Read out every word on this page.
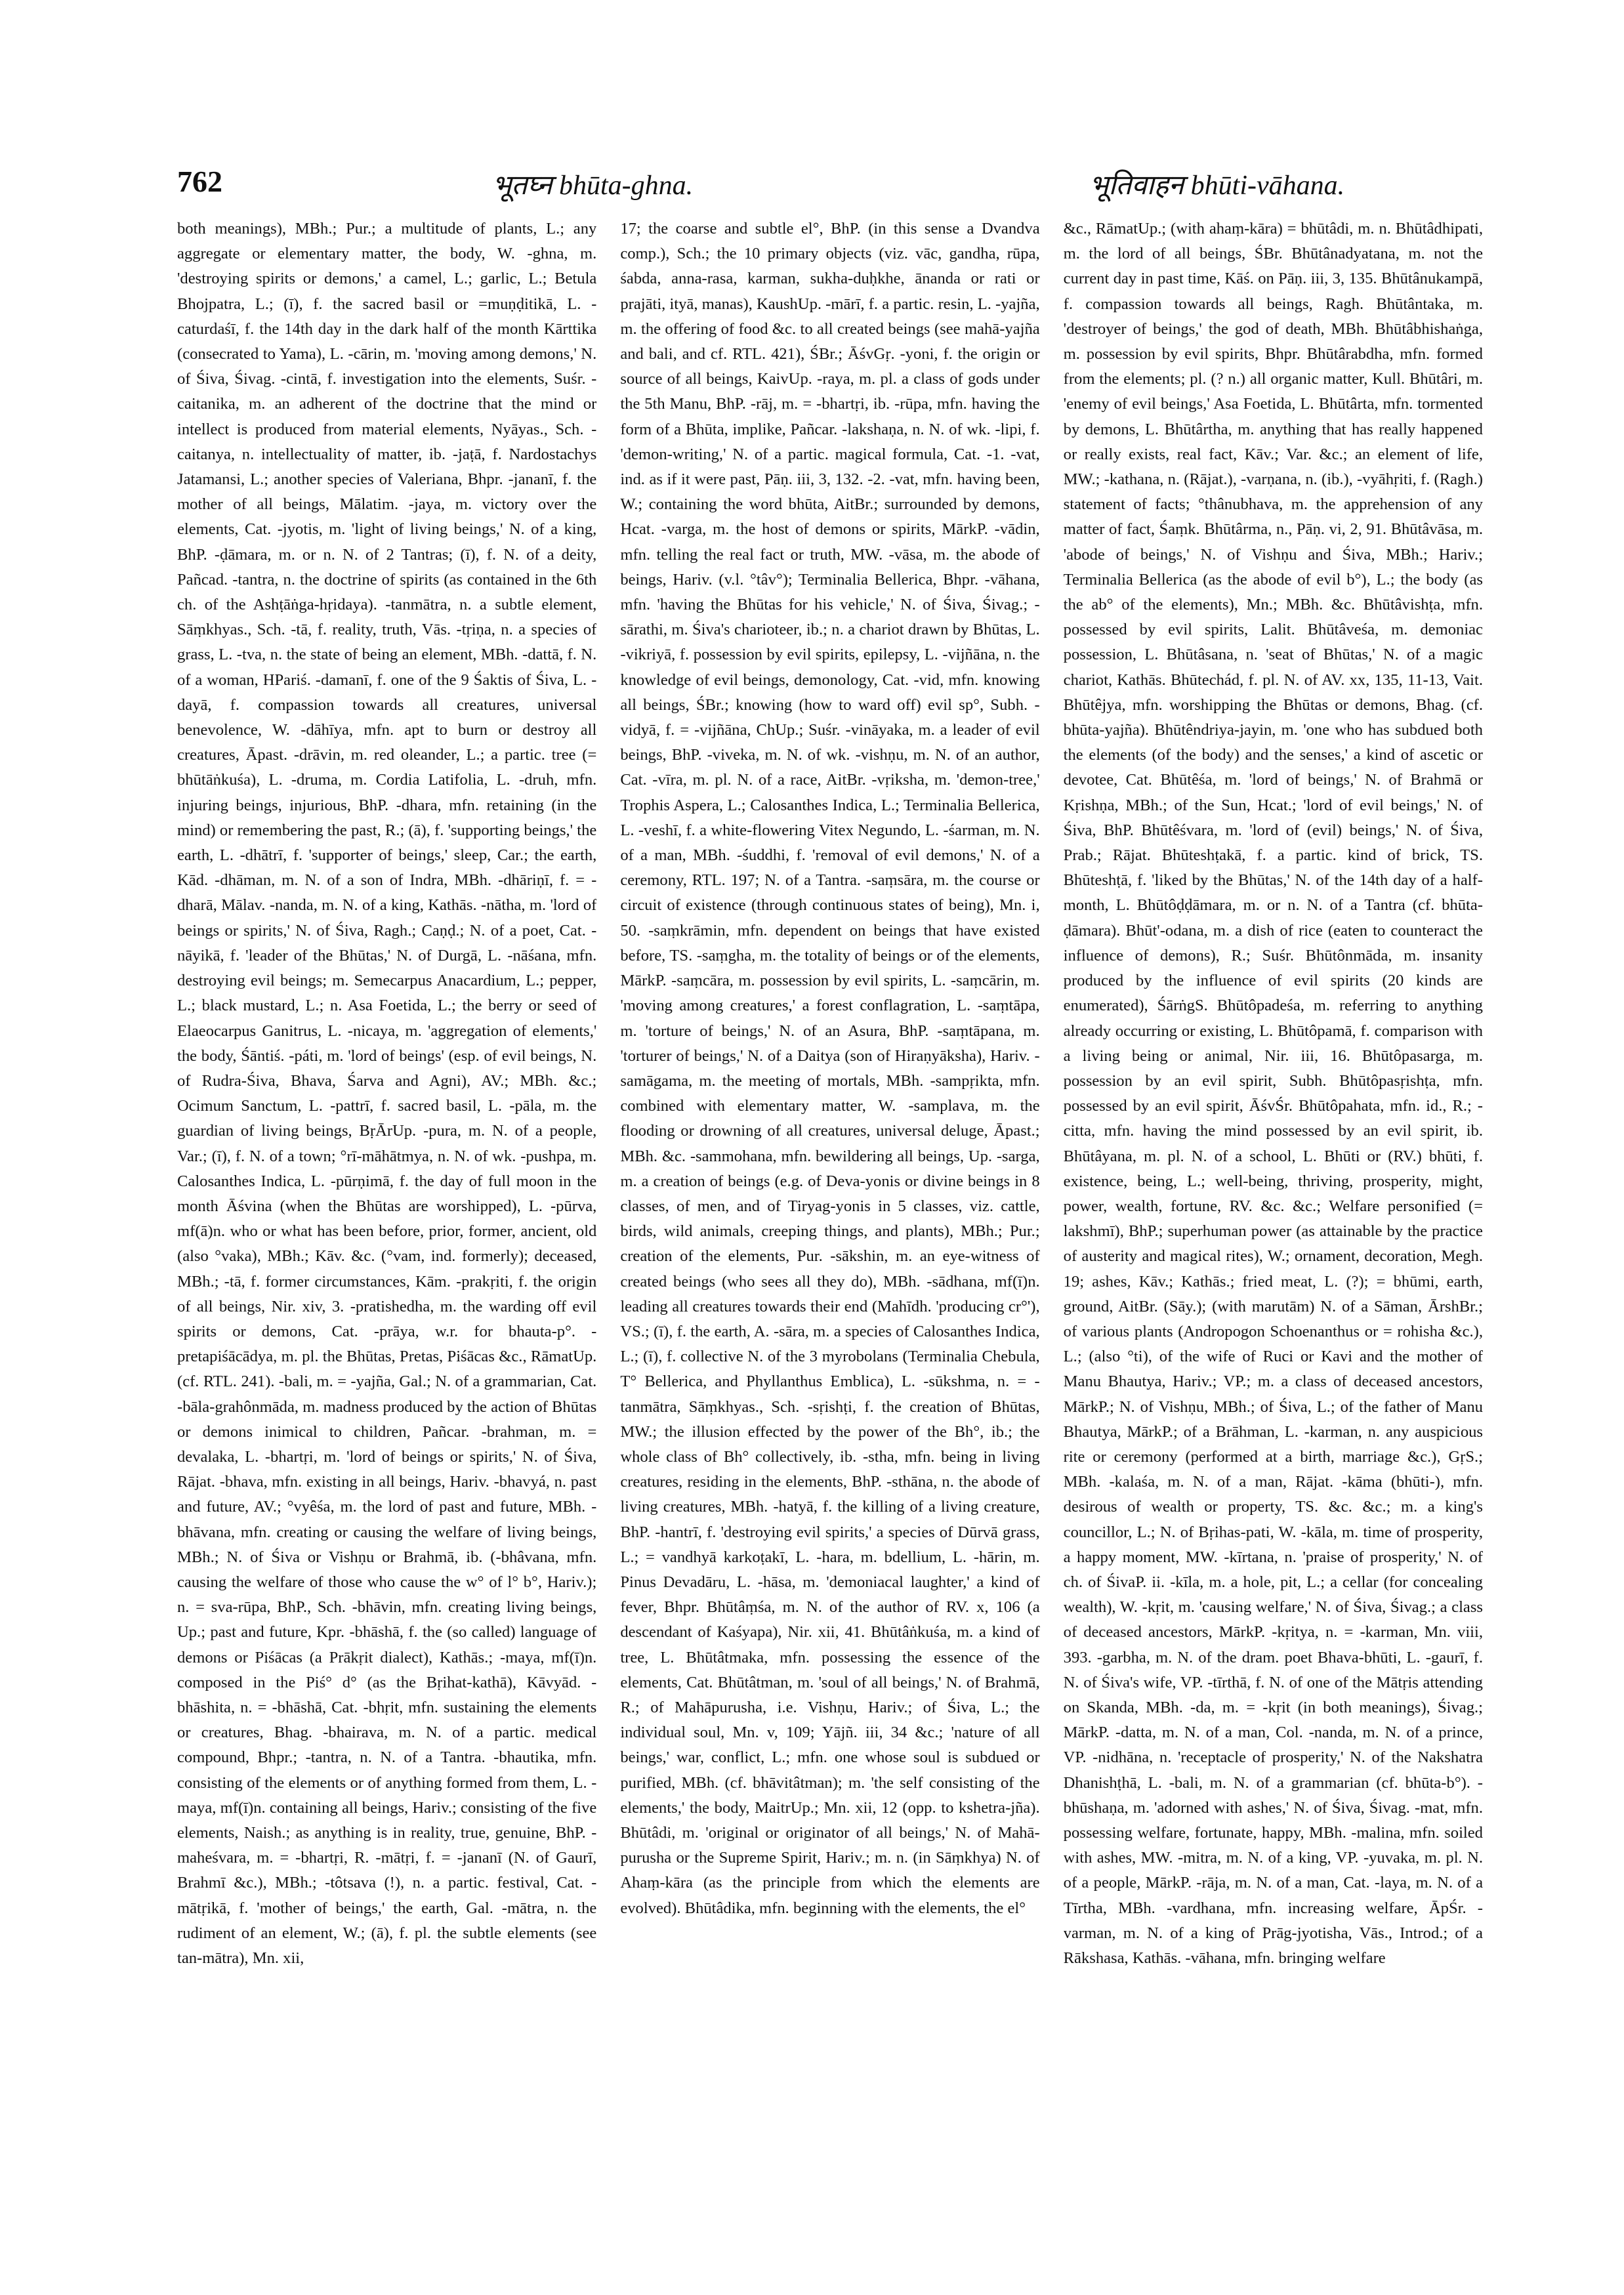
762	भूतघ्न bhūta-ghna.	भूतिवाहन bhūti-vāhana.

both meanings), MBh.; Pur.; a multitude of plants, L.; any aggregate or elementary matter, the body, W. -ghna, m. 'destroying spirits or demons,' a camel, L.; garlic, L.; Betula Bhojpatra, L.; (ī), f. the sacred basil or =muṇḍitikā, L. -caturdaśī, f. the 14th day in the dark half of the month Kārttika (consecrated to Yama), L. -cārin, m. 'moving among demons,' N. of Śiva, Śivag. -cintā, f. investigation into the elements, Suśr. -caitanika, m. an adherent of the doctrine that the mind or intellect is produced from material elements, Nyāyas., Sch. -caitanya, n. intellectuality of matter, ib. -jaṭā, f. Nardostachys Jatamansi, L.; another species of Valeriana, Bhpr. -jananī, f. the mother of all beings, Mālatim. -jaya, m. victory over the elements, Cat. -jyotis, m. 'light of living beings,' N. of a king, BhP. -ḍāmara, m. or n. N. of 2 Tantras; (ī), f. N. of a deity, Pañcad. -tantra, n. the doctrine of spirits (as contained in the 6th ch. of the Ashṭāṅga-hṛidaya). -tanmātra, n. a subtle element, Sāṃkhyas., Sch. -tā, f. reality, truth, Vās. -tṛiṇa, n. a species of grass, L. -tva, n. the state of being an element, MBh. -dattā, f. N. of a woman, HPariś. -damanī, f. one of the 9 Śaktis of Śiva, L. -dayā, f. compassion towards all creatures, universal benevolence, W. -dāhīya, mfn. apt to burn or destroy all creatures, Āpast. -drāvin, m. red oleander, L.; a partic. tree (= bhūtāṅkuśa), L. -druma, m. Cordia Latifolia, L. -druh, mfn. injuring beings, injurious, BhP. -dhara, mfn. retaining (in the mind) or remembering the past, R.; (ā), f. 'supporting beings,' the earth, L. -dhātrī, f. 'supporter of beings,' sleep, Car.; the earth, Kād. -dhāman, m. N. of a son of Indra, MBh. -dhāriṇī, f. = -dharā, Mālav. -nanda, m. N. of a king, Kathās. -nātha, m. 'lord of beings or spirits,' N. of Śiva, Ragh.; Caṇḍ.; N. of a poet, Cat. -nāyikā, f. 'leader of the Bhūtas,' N. of Durgā, L. -nāśana, mfn. destroying evil beings; m. Semecarpus Anacardium, L.; pepper, L.; black mustard, L.; n. Asa Foetida, L.; the berry or seed of Elaeocarpus Ganitrus, L. -nicaya, m. 'aggregation of elements,' the body, Śāntiś. -páti, m. 'lord of beings' (esp. of evil beings, N. of Rudra-Śiva, Bhava, Śarva and Agni), AV.; MBh. &c.; Ocimum Sanctum, L. -pattrī, f. sacred basil, L. -pāla, m. the guardian of living beings, BṛĀrUp. -pura, m. N. of a people, Var.; (ī), f. N. of a town; °rī-māhātmya, n. N. of wk. -pushpa, m. Calosanthes Indica, L. -pūrṇimā, f. the day of full moon in the month Āśvina (when the Bhūtas are worshipped), L. -pūrva, mf(ā)n. who or what has been before, prior, former, ancient, old (also °vaka), MBh.; Kāv. &c. (°vam, ind. formerly); deceased, MBh.; -tā, f. former circumstances, Kām. -prakṛiti, f. the origin of all beings, Nir. xiv, 3. -pratishedha, m. the warding off evil spirits or demons, Cat. -prāya, w.r. for bhauta-p°. -pretapiśācādya, m. pl. the Bhūtas, Pretas, Piśācas &c., RāmatUp. (cf. RTL. 241). -bali, m. = -yajña, Gal.; N. of a grammarian, Cat. -bāla-grahônmāda, m. madness produced by the action of Bhūtas or demons inimical to children, Pañcar. -brahman, m. = devalaka, L. -bhartṛi, m. 'lord of beings or spirits,' N. of Śiva, Rājat. -bhava, mfn. existing in all beings, Hariv. -bhavyá, n. past and future, AV.; °vyêśa, m. the lord of past and future, MBh. -bhāvana, mfn. creating or causing the welfare of living beings, MBh.; N. of Śiva or Vishṇu or Brahmā, ib. (-bhâvana, mfn. causing the welfare of those who cause the w° of l° b°, Hariv.); n. = sva-rūpa, BhP., Sch. -bhāvin, mfn. creating living beings, Up.; past and future, Kpr. -bhāshā, f. the (so called) language of demons or Piśācas (a Prākṛit dialect), Kathās.; -maya, mf(ī)n. composed in the Piś° d° (as the Bṛihat-kathā), Kāvyād. -bhāshita, n. = -bhāshā, Cat. -bhṛit, mfn. sustaining the elements or creatures, Bhag. -bhairava, m. N. of a partic. medical compound, Bhpr.; -tantra, n. N. of a Tantra. -bhautika, mfn. consisting of the elements or of anything formed from them, L. -maya, mf(ī)n. containing all beings, Hariv.; consisting of the five elements, Naish.; as anything is in reality, true, genuine, BhP. -maheśvara, m. = -bhartṛi, R. -mātṛi, f. = -jananī (N. of Gaurī, Brahmī &c.), MBh.; -tôtsava (!), n. a partic. festival, Cat. -mātṛikā, f. 'mother of beings,' the earth, Gal. -mātra, n. the rudiment of an element, W.; (ā), f. pl. the subtle elements (see tan-mātra), Mn. xii,

17; the coarse and subtle el°, BhP. (in this sense a Dvandva comp.), Sch.; the 10 primary objects (viz. vāc, gandha, rūpa, śabda, anna-rasa, karman, sukha-duḥkhe, ānanda or rati or prajāti, ityā, manas), KaushUp. -mārī, f. a partic. resin, L. -yajña, m. the offering of food &c. to all created beings (see mahā-yajña and bali, and cf. RTL. 421), ŚBr.; ĀśvGṛ. -yoni, f. the origin or source of all beings, KaivUp. -raya, m. pl. a class of gods under the 5th Manu, BhP. -rāj, m. = -bhartṛi, ib. -rūpa, mfn. having the form of a Bhūta, implike, Pañcar. -lakshaṇa, n. N. of wk. -lipi, f. 'demon-writing,' N. of a partic. magical formula, Cat. -1. -vat, ind. as if it were past, Pāṇ. iii, 3, 132. -2. -vat, mfn. having been, W.; containing the word bhūta, AitBr.; surrounded by demons, Hcat. -varga, m. the host of demons or spirits, MārkP. -vādin, mfn. telling the real fact or truth, MW. -vāsa, m. the abode of beings, Hariv. (v.l. °tâv°); Terminalia Bellerica, Bhpr. -vāhana, mfn. 'having the Bhūtas for his vehicle,' N. of Śiva, Śivag.; -sārathi, m. Śiva's charioteer, ib.; n. a chariot drawn by Bhūtas, L. -vikriyā, f. possession by evil spirits, epilepsy, L. -vijñāna, n. the knowledge of evil beings, demonology, Cat. -vid, mfn. knowing all beings, ŚBr.; knowing (how to ward off) evil sp°, Subh. -vidyā, f. = -vijñāna, ChUp.; Suśr. -vināyaka, m. a leader of evil beings, BhP. -viveka, m. N. of wk. -vishṇu, m. N. of an author, Cat. -vīra, m. pl. N. of a race, AitBr. -vṛiksha, m. 'demon-tree,' Trophis Aspera, L.; Calosanthes Indica, L.; Terminalia Bellerica, L. -veshī, f. a white-flowering Vitex Negundo, L. -śarman, m. N. of a man, MBh. -śuddhi, f. 'removal of evil demons,' N. of a ceremony, RTL. 197; N. of a Tantra. -saṃsāra, m. the course or circuit of existence (through continuous states of being), Mn. i, 50. -saṃkrāmin, mfn. dependent on beings that have existed before, TS. -saṃgha, m. the totality of beings or of the elements, MārkP. -saṃcāra, m. possession by evil spirits, L. -saṃcārin, m. 'moving among creatures,' a forest conflagration, L. -saṃtāpa, m. 'torture of beings,' N. of an Asura, BhP. -saṃtāpana, m. 'torturer of beings,' N. of a Daitya (son of Hiraṇyāksha), Hariv. -samāgama, m. the meeting of mortals, MBh. -sampṛikta, mfn. combined with elementary matter, W. -samplava, m. the flooding or drowning of all creatures, universal deluge, Āpast.; MBh. &c. -sammohana, mfn. bewildering all beings, Up. -sarga, m. a creation of beings (e.g. of Deva-yonis or divine beings in 8 classes, of men, and of Tiryag-yonis in 5 classes, viz. cattle, birds, wild animals, creeping things, and plants), MBh.; Pur.; creation of the elements, Pur. -sākshin, m. an eye-witness of created beings (who sees all they do), MBh. -sādhana, mf(ī)n. leading all creatures towards their end (Mahīdh. 'producing cr°'), VS.; (ī), f. the earth, A. -sāra, m. a species of Calosanthes Indica, L.; (ī), f. collective N. of the 3 myrobolans (Terminalia Chebula, T° Bellerica, and Phyllanthus Emblica), L. -sūkshma, n. = -tanmātra, Sāṃkhyas., Sch. -sṛishṭi, f. the creation of Bhūtas, MW.; the illusion effected by the power of the Bh°, ib.; the whole class of Bh° collectively, ib. -stha, mfn. being in living creatures, residing in the elements, BhP. -sthāna, n. the abode of living creatures, MBh. -hatyā, f. the killing of a living creature, BhP. -hantrī, f. 'destroying evil spirits,' a species of Dūrvā grass, L.; = vandhyā karkoṭakī, L. -hara, m. bdellium, L. -hārin, m. Pinus Devadāru, L. -hāsa, m. 'demoniacal laughter,' a kind of fever, Bhpr. Bhūtâṃśa, m. N. of the author of RV. x, 106 (a descendant of Kaśyapa), Nir. xii, 41. Bhūtâṅkuśa, m. a kind of tree, L. Bhūtâtmaka, mfn. possessing the essence of the elements, Cat. Bhūtâtman, m. 'soul of all beings,' N. of Brahmā, R.; of Mahāpurusha, i.e. Vishṇu, Hariv.; of Śiva, L.; the individual soul, Mn. v, 109; Yājñ. iii, 34 &c.; 'nature of all beings,' war, conflict, L.; mfn. one whose soul is subdued or purified, MBh. (cf. bhāvitâtman); m. 'the self consisting of the elements,' the body, MaitrUp.; Mn. xii, 12 (opp. to kshetra-jña). Bhūtâdi, m. 'original or originator of all beings,' N. of Mahā-purusha or the Supreme Spirit, Hariv.; m. n. (in Sāṃkhya) N. of Ahaṃ-kāra (as the principle from which the elements are evolved). Bhūtâdika, mfn. beginning with the elements, the el°

&c., RāmatUp.; (with ahaṃ-kāra) = bhūtâdi, m. n. Bhūtâdhipati, m. the lord of all beings, ŚBr. Bhūtânadyatana, m. not the current day in past time, Kāś. on Pāṇ. iii, 3, 135. Bhūtânukampā, f. compassion towards all beings, Ragh. Bhūtântaka, m. 'destroyer of beings,' the god of death, MBh. Bhūtâbhishaṅga, m. possession by evil spirits, Bhpr. Bhūtârabdha, mfn. formed from the elements; pl. (? n.) all organic matter, Kull. Bhūtâri, m. 'enemy of evil beings,' Asa Foetida, L. Bhūtârta, mfn. tormented by demons, L. Bhūtârtha, m. anything that has really happened or really exists, real fact, Kāv.; Var. &c.; an element of life, MW.; -kathana, n. (Rājat.), -varṇana, n. (ib.), -vyāhṛiti, f. (Ragh.) statement of facts; °thânubhava, m. the apprehension of any matter of fact, Śaṃk. Bhūtârma, n., Pāṇ. vi, 2, 91. Bhūtâvāsa, m. 'abode of beings,' N. of Vishṇu and Śiva, MBh.; Hariv.; Terminalia Bellerica (as the abode of evil b°), L.; the body (as the ab° of the elements), Mn.; MBh. &c. Bhūtâvishṭa, mfn. possessed by evil spirits, Lalit. Bhūtâveśa, m. demoniac possession, L. Bhūtâsana, n. 'seat of Bhūtas,' N. of a magic chariot, Kathās. Bhūtechád, f. pl. N. of AV. xx, 135, 11-13, Vait. Bhūtêjya, mfn. worshipping the Bhūtas or demons, Bhag. (cf. bhūta-yajña). Bhūtêndriya-jayin, m. 'one who has subdued both the elements (of the body) and the senses,' a kind of ascetic or devotee, Cat. Bhūtêśa, m. 'lord of beings,' N. of Brahmā or Kṛishṇa, MBh.; of the Sun, Hcat.; 'lord of evil beings,' N. of Śiva, BhP. Bhūtêśvara, m. 'lord of (evil) beings,' N. of Śiva, Prab.; Rājat. Bhūteshṭakā, f. a partic. kind of brick, TS. Bhūteshṭā, f. 'liked by the Bhūtas,' N. of the 14th day of a half-month, L. Bhūtôḍḍāmara, m. or n. N. of a Tantra (cf. bhūta-ḍāmara). Bhūt'-odana, m. a dish of rice (eaten to counteract the influence of demons), R.; Suśr. Bhūtônmāda, m. insanity produced by the influence of evil spirits (20 kinds are enumerated), ŚārṅgS. Bhūtôpadeśa, m. referring to anything already occurring or existing, L. Bhūtôpamā, f. comparison with a living being or animal, Nir. iii, 16. Bhūtôpasarga, m. possession by an evil spirit, Subh. Bhūtôpasṛishṭa, mfn. possessed by an evil spirit, ĀśvŚr. Bhūtôpahata, mfn. id., R.; -citta, mfn. having the mind possessed by an evil spirit, ib. Bhūtâyana, m. pl. N. of a school, L. Bhūti or (RV.) bhūti, f. existence, being, L.; well-being, thriving, prosperity, might, power, wealth, fortune, RV. &c. &c.; Welfare personified (= lakshmī), BhP.; superhuman power (as attainable by the practice of austerity and magical rites), W.; ornament, decoration, Megh. 19; ashes, Kāv.; Kathās.; fried meat, L. (?); = bhūmi, earth, ground, AitBr. (Sāy.); (with marutām) N. of a Sāman, ĀrshBr.; of various plants (Andropogon Schoenanthus or = rohisha &c.), L.; (also °ti), of the wife of Ruci or Kavi and the mother of Manu Bhautya, Hariv.; VP.; m. a class of deceased ancestors, MārkP.; N. of Vishṇu, MBh.; of Śiva, L.; of the father of Manu Bhautya, MārkP.; of a Brāhman, L. -karman, n. any auspicious rite or ceremony (performed at a birth, marriage &c.), GṛS.; MBh. -kalaśa, m. N. of a man, Rājat. -kāma (bhūti-), mfn. desirous of wealth or property, TS. &c. &c.; m. a king's councillor, L.; N. of Bṛihas-pati, W. -kāla, m. time of prosperity, a happy moment, MW. -kīrtana, n. 'praise of prosperity,' N. of ch. of ŚivaP. ii. -kīla, m. a hole, pit, L.; a cellar (for concealing wealth), W. -kṛit, m. 'causing welfare,' N. of Śiva, Śivag.; a class of deceased ancestors, MārkP. -kṛitya, n. = -karman, Mn. viii, 393. -garbha, m. N. of the dram. poet Bhava-bhūti, L. -gaurī, f. N. of Śiva's wife, VP. -tīrthā, f. N. of one of the Mātṛis attending on Skanda, MBh. -da, m. = -kṛit (in both meanings), Śivag.; MārkP. -datta, m. N. of a man, Col. -nanda, m. N. of a prince, VP. -nidhāna, n. 'receptacle of prosperity,' N. of the Nakshatra Dhanishṭhā, L. -bali, m. N. of a grammarian (cf. bhūta-b°). -bhūshaṇa, m. 'adorned with ashes,' N. of Śiva, Śivag. -mat, mfn. possessing welfare, fortunate, happy, MBh. -malina, mfn. soiled with ashes, MW. -mitra, m. N. of a king, VP. -yuvaka, m. pl. N. of a people, MārkP. -rāja, m. N. of a man, Cat. -laya, m. N. of a Tīrtha, MBh. -vardhana, mfn. increasing welfare, ĀpŚr. -varman, m. N. of a king of Prāg-jyotisha, Vās., Introd.; of a Rākshasa, Kathās. -vāhana, mfn. bringing welfare
